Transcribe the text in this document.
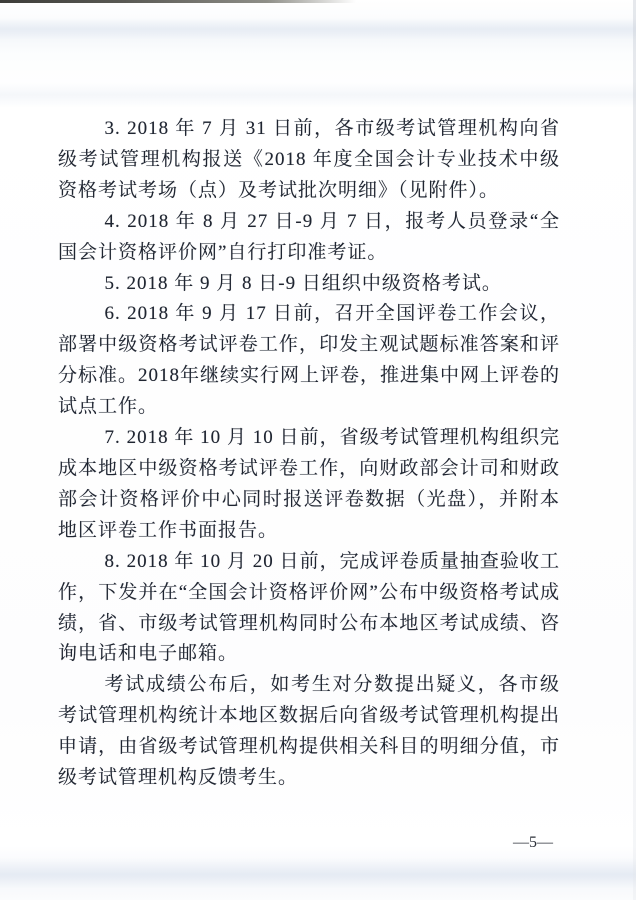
3. 2018 年 7 月 31 日前，各市级考试管理机构向省级考试管理机构报送《2018 年度全国会计专业技术中级资格考试考场（点）及考试批次明细》（见附件）。

4. 2018 年 8 月 27 日-9 月 7 日，报考人员登录“全国会计资格评价网”自行打印准考证。

5. 2018 年 9 月 8 日-9 日组织中级资格考试。

6. 2018 年 9 月 17 日前，召开全国评卷工作会议，部署中级资格考试评卷工作，印发主观试题标准答案和评分标准。2018年继续实行网上评卷，推进集中网上评卷的试点工作。

7. 2018 年 10 月 10 日前，省级考试管理机构组织完成本地区中级资格考试评卷工作，向财政部会计司和财政部会计资格评价中心同时报送评卷数据（光盘），并附本地区评卷工作书面报告。

8. 2018 年 10 月 20 日前，完成评卷质量抽查验收工作，下发并在“全国会计资格评价网”公布中级资格考试成绩，省、市级考试管理机构同时公布本地区考试成绩、咨询电话和电子邮箱。

考试成绩公布后，如考生对分数提出疑义，各市级考试管理机构统计本地区数据后向省级考试管理机构提出申请，由省级考试管理机构提供相关科目的明细分值，市级考试管理机构反馈考生。

—5—
